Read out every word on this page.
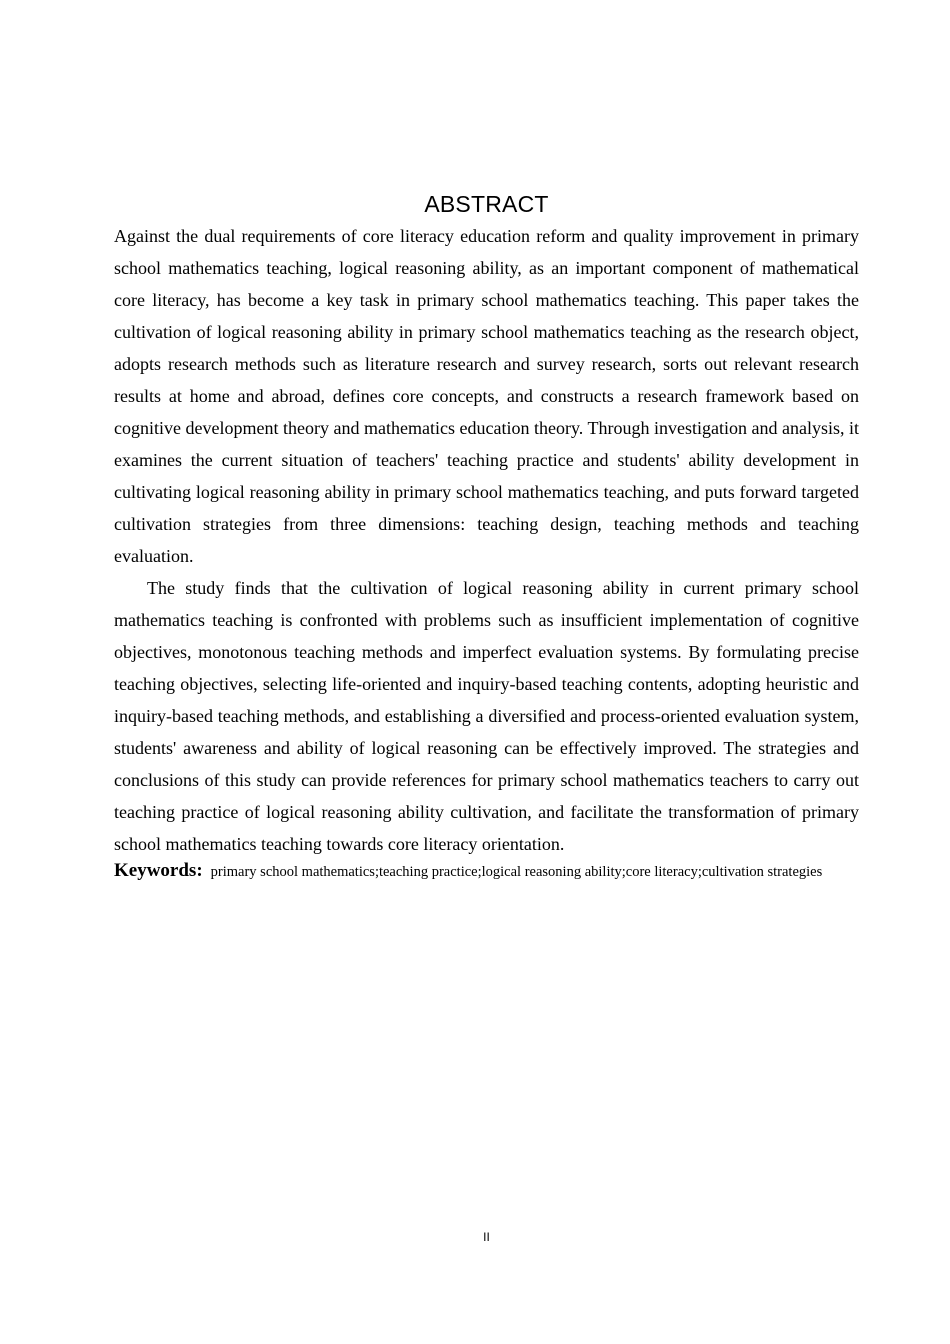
ABSTRACT

Against the dual requirements of core literacy education reform and quality improvement in primary school mathematics teaching, logical reasoning ability, as an important component of mathematical core literacy, has become a key task in primary school mathematics teaching. This paper takes the cultivation of logical reasoning ability in primary school mathematics teaching as the research object, adopts research methods such as literature research and survey research, sorts out relevant research results at home and abroad, defines core concepts, and constructs a research framework based on cognitive development theory and mathematics education theory. Through investigation and analysis, it examines the current situation of teachers' teaching practice and students' ability development in cultivating logical reasoning ability in primary school mathematics teaching, and puts forward targeted cultivation strategies from three dimensions: teaching design, teaching methods and teaching evaluation.

The study finds that the cultivation of logical reasoning ability in current primary school mathematics teaching is confronted with problems such as insufficient implementation of cognitive objectives, monotonous teaching methods and imperfect evaluation systems. By formulating precise teaching objectives, selecting life-oriented and inquiry-based teaching contents, adopting heuristic and inquiry-based teaching methods, and establishing a diversified and process-oriented evaluation system, students' awareness and ability of logical reasoning can be effectively improved. The strategies and conclusions of this study can provide references for primary school mathematics teachers to carry out teaching practice of logical reasoning ability cultivation, and facilitate the transformation of primary school mathematics teaching towards core literacy orientation.

Keywords: primary school mathematics;teaching practice;logical reasoning ability;core literacy;cultivation strategies
II
